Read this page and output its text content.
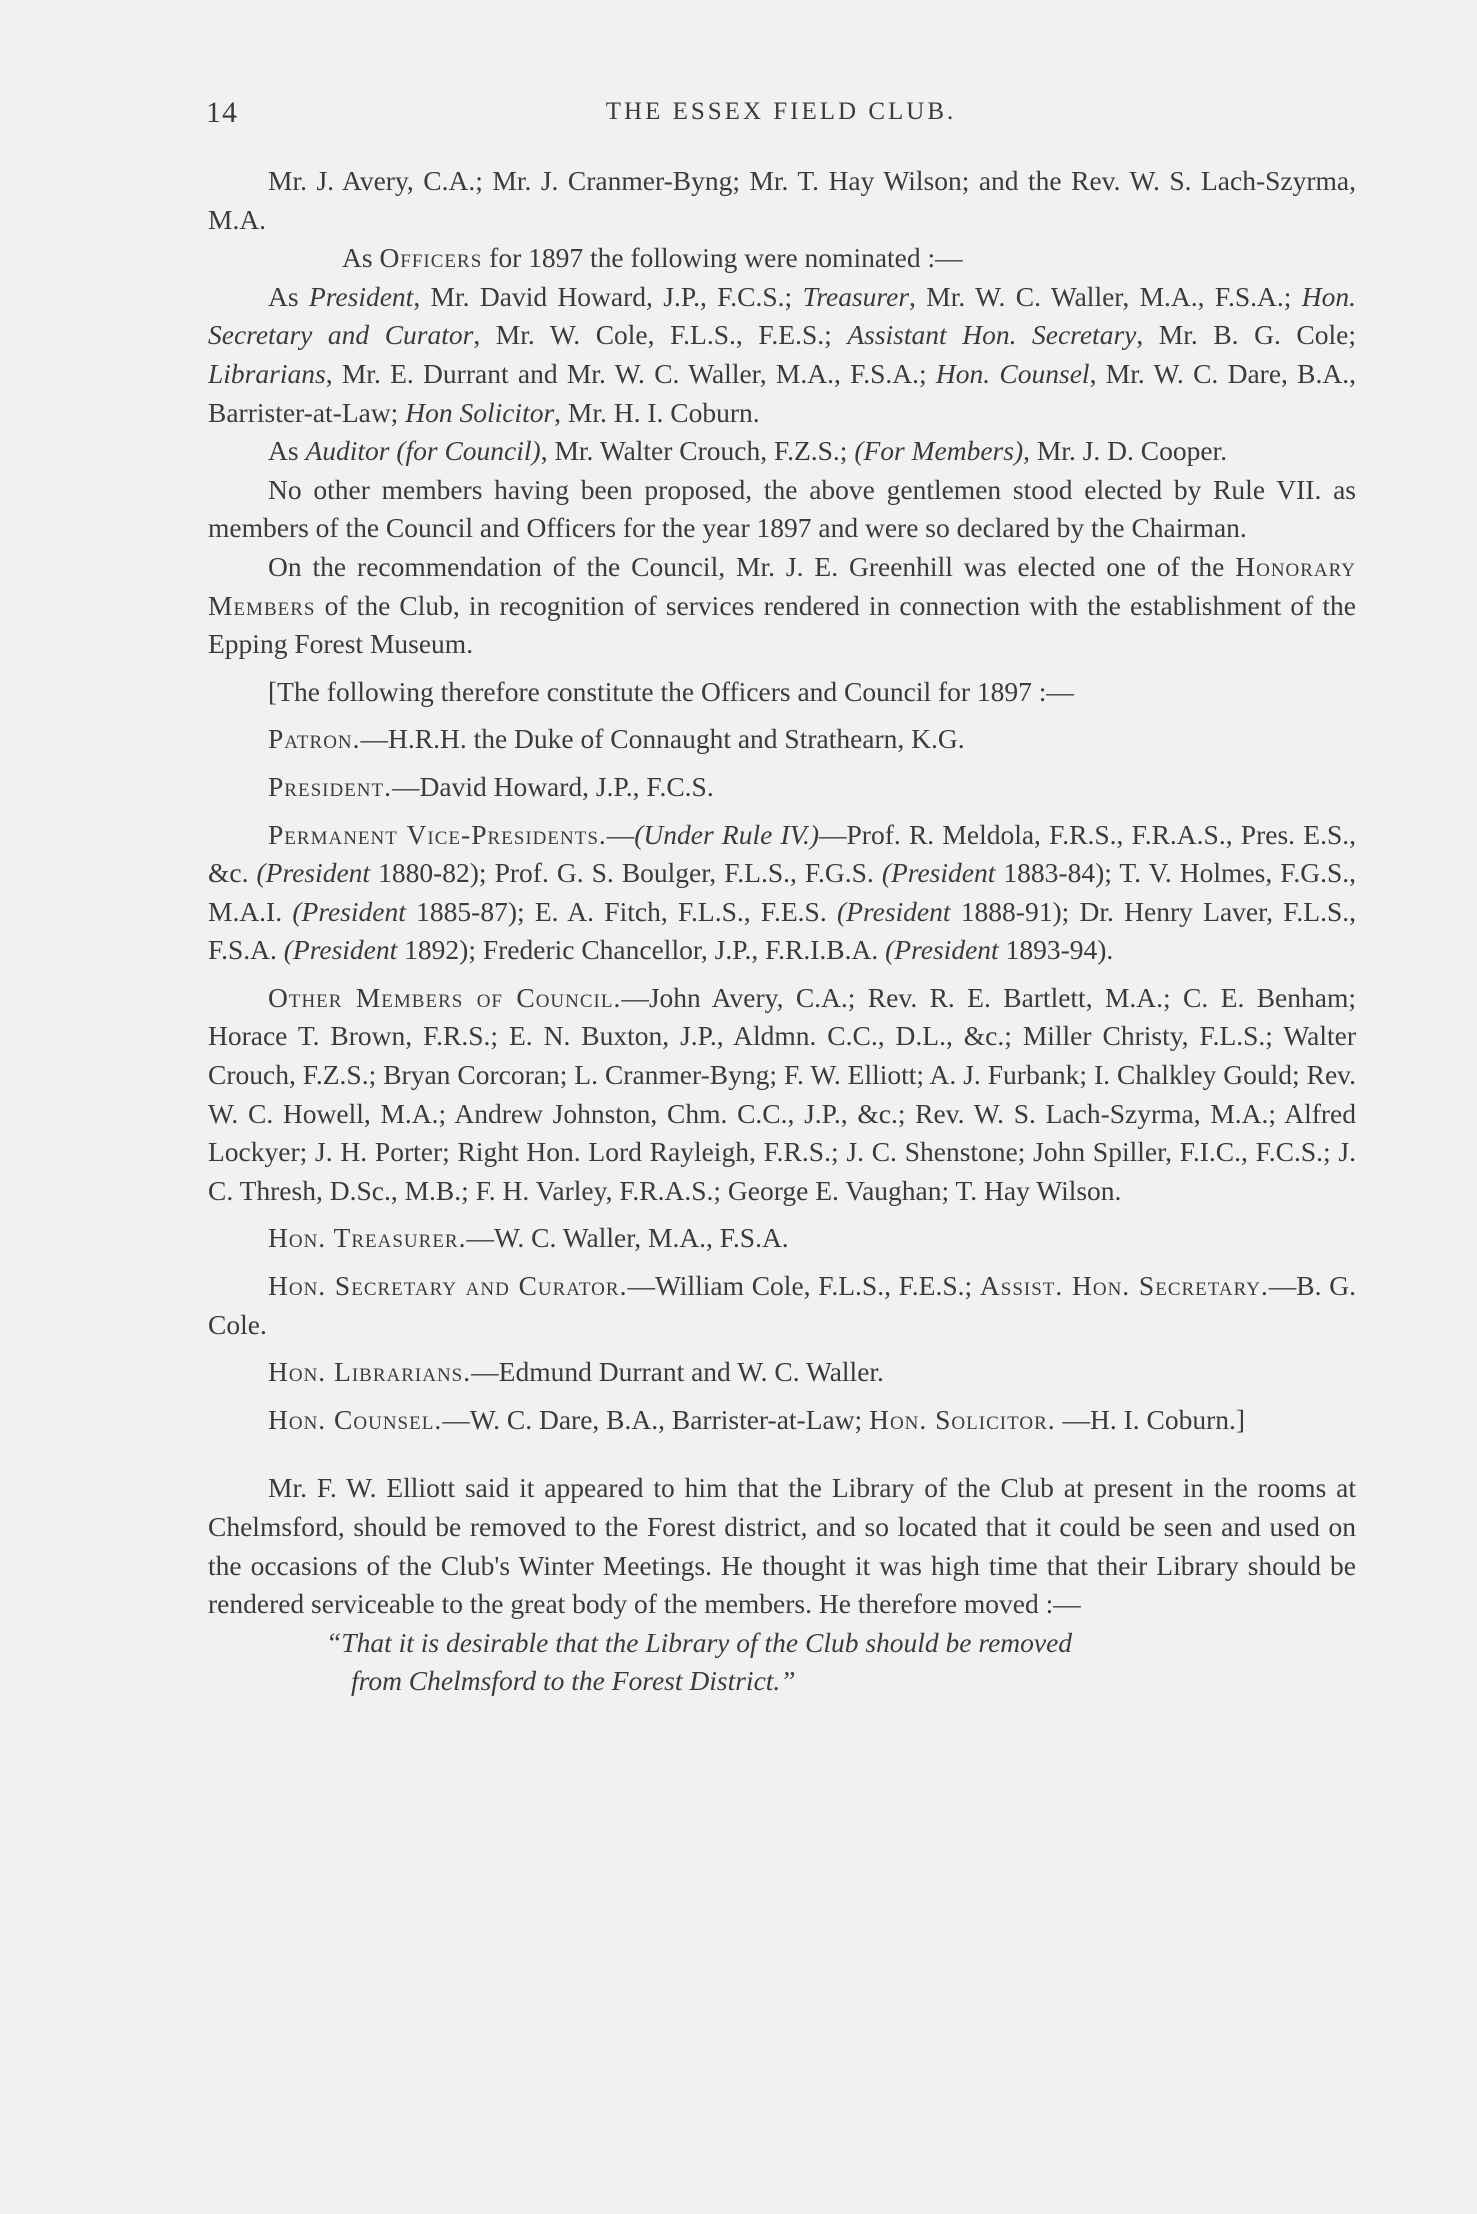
14	THE ESSEX FIELD CLUB.

Mr. J. Avery, C.A.; Mr. J. Cranmer-Byng; Mr. T. Hay Wilson; and the Rev. W. S. Lach-Szyrma, M.A.

As Officers for 1897 the following were nominated :—

As President, Mr. David Howard, J.P., F.C.S.; Treasurer, Mr. W. C. Waller, M.A., F.S.A.; Hon. Secretary and Curator, Mr. W. Cole, F.L.S., F.E.S.; Assistant Hon. Secretary, Mr. B. G. Cole; Librarians, Mr. E. Durrant and Mr. W. C. Waller, M.A., F.S.A.; Hon. Counsel, Mr. W. C. Dare, B.A., Barrister-at-Law; Hon Solicitor, Mr. H. I. Coburn.

As Auditor (for Council), Mr. Walter Crouch, F.Z.S.; (For Members), Mr. J. D. Cooper.

No other members having been proposed, the above gentlemen stood elected by Rule VII. as members of the Council and Officers for the year 1897 and were so declared by the Chairman.

On the recommendation of the Council, Mr. J. E. Greenhill was elected one of the Honorary Members of the Club, in recognition of services rendered in connection with the establishment of the Epping Forest Museum.

[The following therefore constitute the Officers and Council for 1897 :—

Patron.—H.R.H. the Duke of Connaught and Strathearn, K.G.

President.—David Howard, J.P., F.C.S.

Permanent Vice-Presidents.—(Under Rule IV.)—Prof. R. Meldola, F.R.S., F.R.A.S., Pres. E.S., &c. (President 1880-82); Prof. G. S. Boulger, F.L.S., F.G.S. (President 1883-84); T. V. Holmes, F.G.S., M.A.I. (President 1885-87); E. A. Fitch, F.L.S., F.E.S. (President 1888-91); Dr. Henry Laver, F.L.S., F.S.A. (President 1892); Frederic Chancellor, J.P., F.R.I.B.A. (President 1893-94).

Other Members of Council.—John Avery, C.A.; Rev. R. E. Bartlett, M.A.; C. E. Benham; Horace T. Brown, F.R.S.; E. N. Buxton, J.P., Aldmn. C.C., D.L., &c.; Miller Christy, F.L.S.; Walter Crouch, F.Z.S.; Bryan Corcoran; L. Cranmer-Byng; F. W. Elliott; A. J. Furbank; I. Chalkley Gould; Rev. W. C. Howell, M.A.; Andrew Johnston, Chm. C.C., J.P., &c.; Rev. W. S. Lach-Szyrma, M.A.; Alfred Lockyer; J. H. Porter; Right Hon. Lord Rayleigh, F.R.S.; J. C. Shenstone; John Spiller, F.I.C., F.C.S.; J. C. Thresh, D.Sc., M.B.; F. H. Varley, F.R.A.S.; George E. Vaughan; T. Hay Wilson.

Hon. Treasurer.—W. C. Waller, M.A., F.S.A.

Hon. Secretary and Curator.—William Cole, F.L.S., F.E.S.; Assist. Hon. Secretary.—B. G. Cole.

Hon. Librarians.—Edmund Durrant and W. C. Waller.

Hon. Counsel.—W. C. Dare, B.A., Barrister-at-Law; Hon. Solicitor. —H. I. Coburn.]

Mr. F. W. Elliott said it appeared to him that the Library of the Club at present in the rooms at Chelmsford, should be removed to the Forest district, and so located that it could be seen and used on the occasions of the Club's Winter Meetings. He thought it was high time that their Library should be rendered serviceable to the great body of the members. He therefore moved :—

“That it is desirable that the Library of the Club should be removed

from Chelmsford to the Forest District.”
